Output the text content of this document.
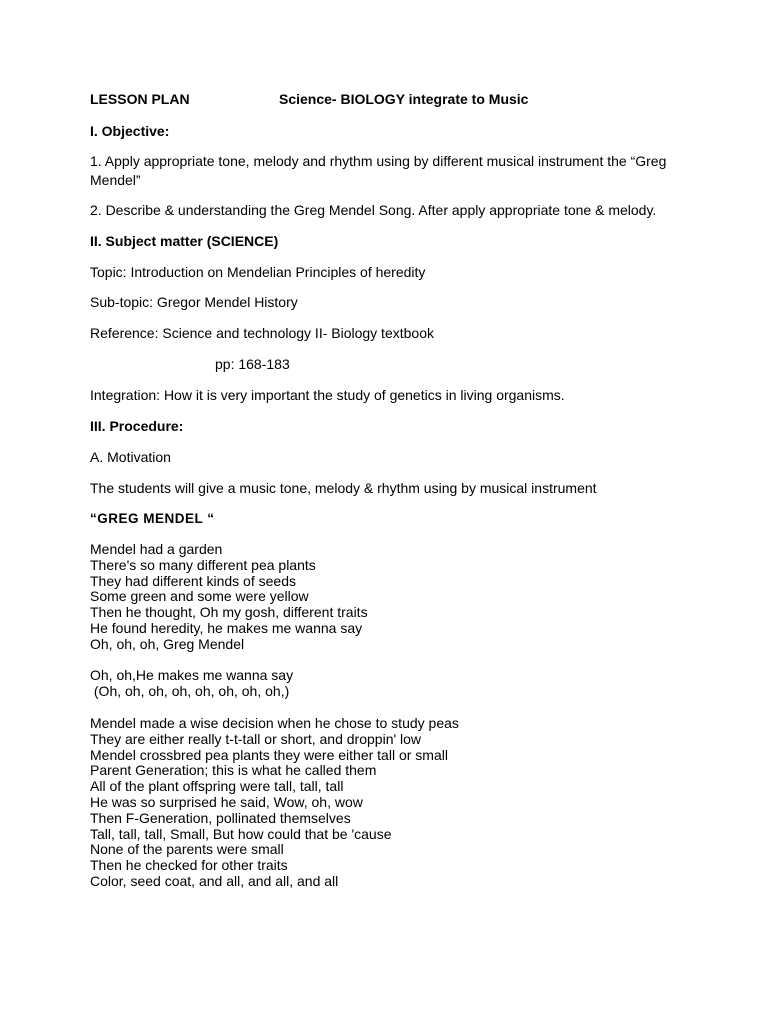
LESSON PLAN	Science- BIOLOGY integrate to Music
I. Objective:
1. Apply appropriate tone, melody and rhythm using by different musical instrument the “Greg Mendel”
2. Describe & understanding the Greg Mendel Song. After apply appropriate tone & melody.
II. Subject matter (SCIENCE)
Topic: Introduction on Mendelian Principles of heredity
Sub-topic: Gregor Mendel History
Reference: Science and technology II- Biology textbook
pp: 168-183
Integration: How it is very important the study of genetics in living organisms.
III. Procedure:
A. Motivation
The students will give a music tone, melody & rhythm using by musical instrument
“GREG MENDEL “
Mendel had a garden
There's so many different pea plants
They had different kinds of seeds
Some green and some were yellow
Then he thought, Oh my gosh, different traits
He found heredity, he makes me wanna say
Oh, oh, oh, Greg Mendel
Oh, oh,He makes me wanna say
(Oh, oh, oh, oh, oh, oh, oh, oh,)
Mendel made a wise decision when he chose to study peas
They are either really t-t-tall or short, and droppin' low
Mendel crossbred pea plants they were either tall or small
Parent Generation; this is what he called them
All of the plant offspring were tall, tall, tall
He was so surprised he said, Wow, oh, wow
Then F-Generation, pollinated themselves
Tall, tall, tall, Small, But how could that be 'cause
None of the parents were small
Then he checked for other traits
Color, seed coat, and all, and all, and all
